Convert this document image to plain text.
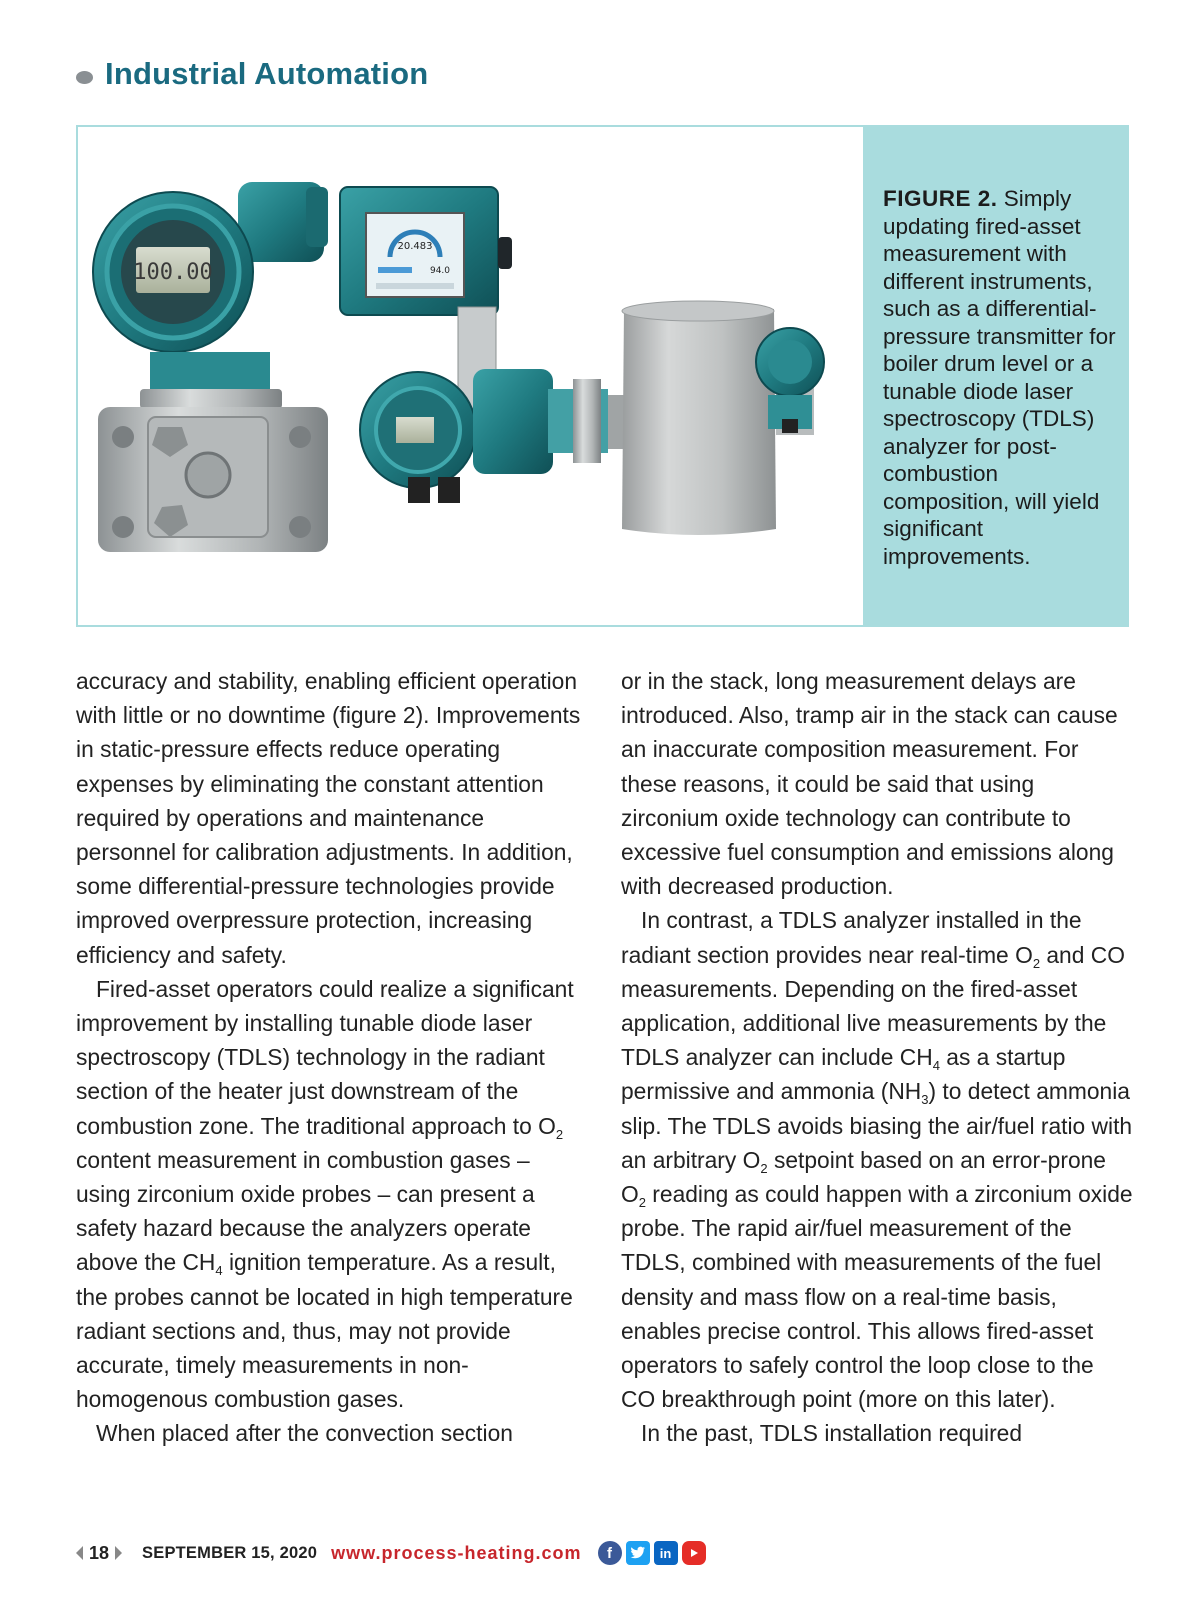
Industrial Automation
100.00
20.483
94.0
FIGURE 2. Simply updating fired-asset measurement with different instruments, such as a differential-pressure transmitter for boiler drum level or a tunable diode laser spectroscopy (TDLS) analyzer for post-combustion composition, will yield significant improvements.

accuracy and stability, enabling efficient operation with little or no downtime (figure 2). Improvements in static-pressure effects reduce operating expenses by eliminating the constant attention required by operations and maintenance personnel for calibration adjustments. In addition, some differential-pressure technologies provide improved overpressure protection, increasing efficiency and safety.

Fired-asset operators could realize a significant improvement by installing tunable diode laser spectroscopy (TDLS) technology in the radiant section of the heater just downstream of the combustion zone. The traditional approach to $O_2$ content measurement in combustion gases – using zirconium oxide probes – can present a safety hazard because the analyzers operate above the $CH_4$ ignition temperature. As a result, the probes cannot be located in high temperature radiant sections and, thus, may not provide accurate, timely measurements in non-homogenous combustion gases.

When placed after the convection section

or in the stack, long measurement delays are introduced. Also, tramp air in the stack can cause an inaccurate composition measurement. For these reasons, it could be said that using zirconium oxide technology can contribute to excessive fuel consumption and emissions along with decreased production.

In contrast, a TDLS analyzer installed in the radiant section provides near real-time $O_2$ and CO measurements. Depending on the fired-asset application, additional live measurements by the TDLS analyzer can include $CH_4$ as a startup permissive and ammonia $(NH_3)$ to detect ammonia slip. The TDLS avoids biasing the air/fuel ratio with an arbitrary $O_2$ setpoint based on an error-prone $O_2$ reading as could happen with a zirconium oxide probe. The rapid air/fuel measurement of the TDLS, combined with measurements of the fuel density and mass flow on a real-time basis, enables precise control. This allows fired-asset operators to safely control the loop close to the CO breakthrough point (more on this later).

In the past, TDLS installation required

18 SEPTEMBER 15, 2020 www.process-heating.com	f	in
